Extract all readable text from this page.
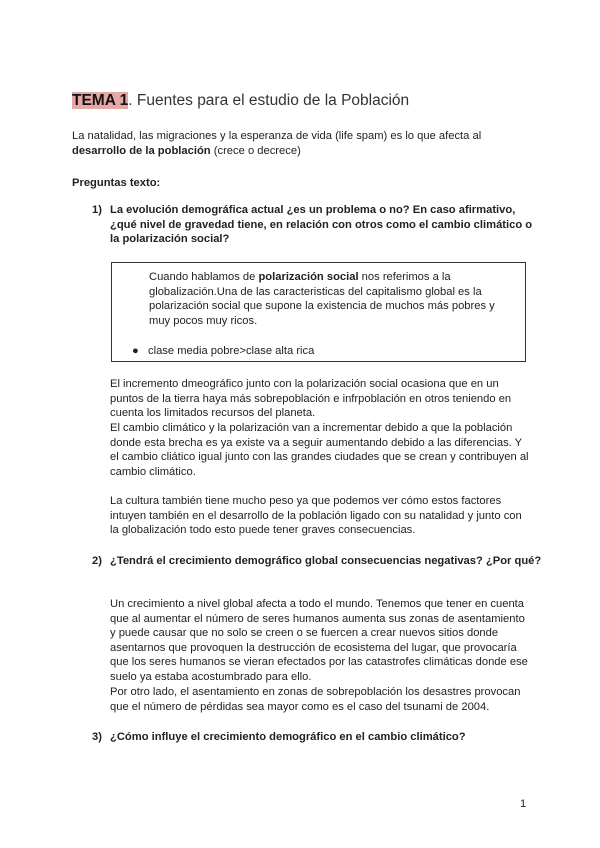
TEMA 1. Fuentes para el estudio de la Población
La natalidad, las migraciones y la esperanza de vida (life spam) es lo que afecta al
desarrollo de la población (crece o decrece)
Preguntas texto:
1) La evolución demográfica actual ¿es un problema o no? En caso afirmativo, ¿qué nivel de gravedad tiene, en relación con otros como el cambio climático o la polarización social?
Cuando hablamos de polarización social nos referimos a la globalización.Una de las caracteristicas del capitalismo global es la polarización social que supone la existencia de muchos más pobres y muy pocos muy ricos.
● clase media pobre>clase alta rica
El incremento dmeográfico junto con la polarización social ocasiona que en un puntos de la tierra haya más sobrepoblación e infrpoblación en otros teniendo en cuenta los limitados recursos del planeta.
El cambio climático y la polarización van a incrementar debido a que la población donde esta brecha es ya existe va a seguir aumentando debido a las diferencias. Y el cambio cliático igual junto con las grandes ciudades que se crean y contribuyen al cambio climático.
La cultura también tiene mucho peso ya que podemos ver cómo estos factores intuyen también en el desarrollo de la población ligado con su natalidad y junto con la globalización todo esto puede tener graves consecuencias.
2) ¿Tendrá el crecimiento demográfico global consecuencias negativas? ¿Por qué?
Un crecimiento a nivel global afecta a todo el mundo. Tenemos que tener en cuenta que al aumentar el número de seres humanos aumenta sus zonas de asentamiento y puede causar que no solo se creen o se fuercen a crear nuevos sitios donde asentarnos que provoquen la destrucción de ecosistema del lugar, que provocaría que los seres humanos se vieran efectados por las catastrofes climáticas donde ese suelo ya estaba acostumbrado para ello.
Por otro lado, el asentamiento en zonas de sobrepoblación los desastres provocan que el número de pérdidas sea mayor como es el caso del tsunami de 2004.
3) ¿Cómo influye el crecimiento demográfico en el cambio climático?
1
